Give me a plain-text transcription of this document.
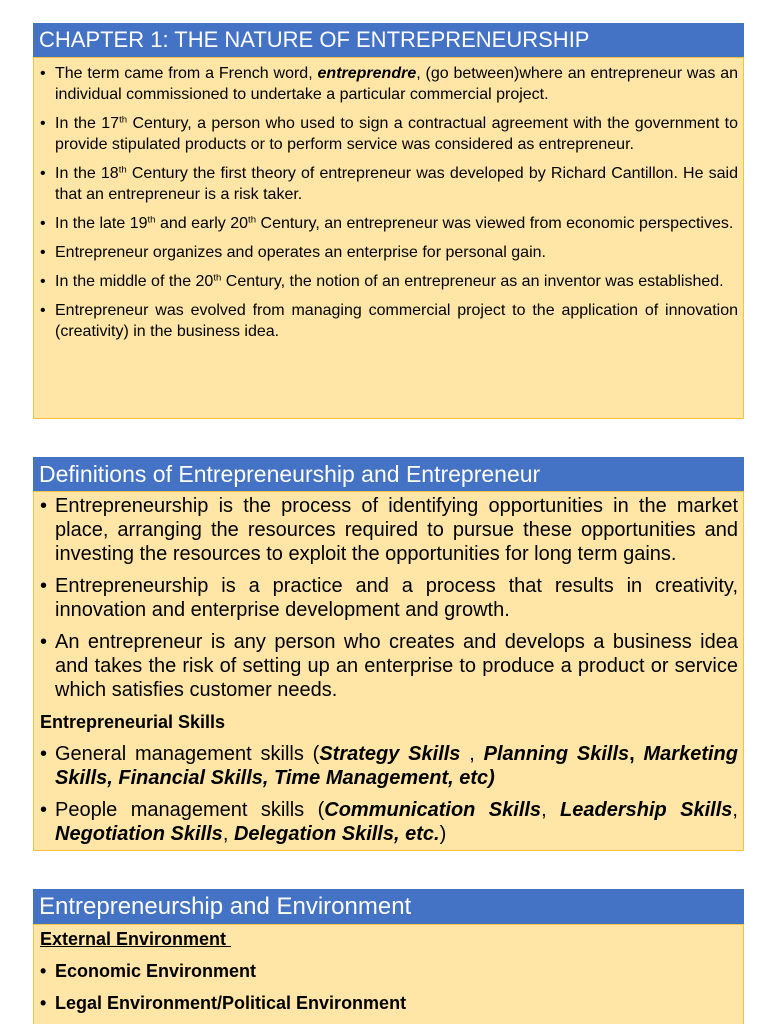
CHAPTER 1: THE NATURE OF ENTREPRENEURSHIP
• The term came from a French word, entreprendre, (go between)where an entrepreneur was an individual commissioned to undertake a particular commercial project.
• In the 17th Century, a person who used to sign a contractual agreement with the government to provide stipulated products or to perform service was considered as entrepreneur.
• In the 18th Century the first theory of entrepreneur was developed by Richard Cantillon. He said that an entrepreneur is a risk taker.
• In the late 19th and early 20th Century, an entrepreneur was viewed from economic perspectives.
• Entrepreneur organizes and operates an enterprise for personal gain.
• In the middle of the 20th Century, the notion of an entrepreneur as an inventor was established.
• Entrepreneur was evolved from managing commercial project to the application of innovation (creativity) in the business idea.
Definitions of Entrepreneurship and Entrepreneur
• Entrepreneurship is the process of identifying opportunities in the market place, arranging the resources required to pursue these opportunities and investing the resources to exploit the opportunities for long term gains.
• Entrepreneurship is a practice and a process that results in creativity, innovation and enterprise development and growth.
• An entrepreneur is any person who creates and develops a business idea and takes the risk of setting up an enterprise to produce a product or service which satisfies customer needs.
Entrepreneurial Skills
• General management skills (Strategy Skills , Planning Skills, Marketing Skills, Financial Skills, Time Management, etc)
• People management skills (Communication Skills, Leadership Skills, Negotiation Skills, Delegation Skills, etc.)
Entrepreneurship and Environment
External Environment
• Economic Environment
• Legal Environment/Political Environment
